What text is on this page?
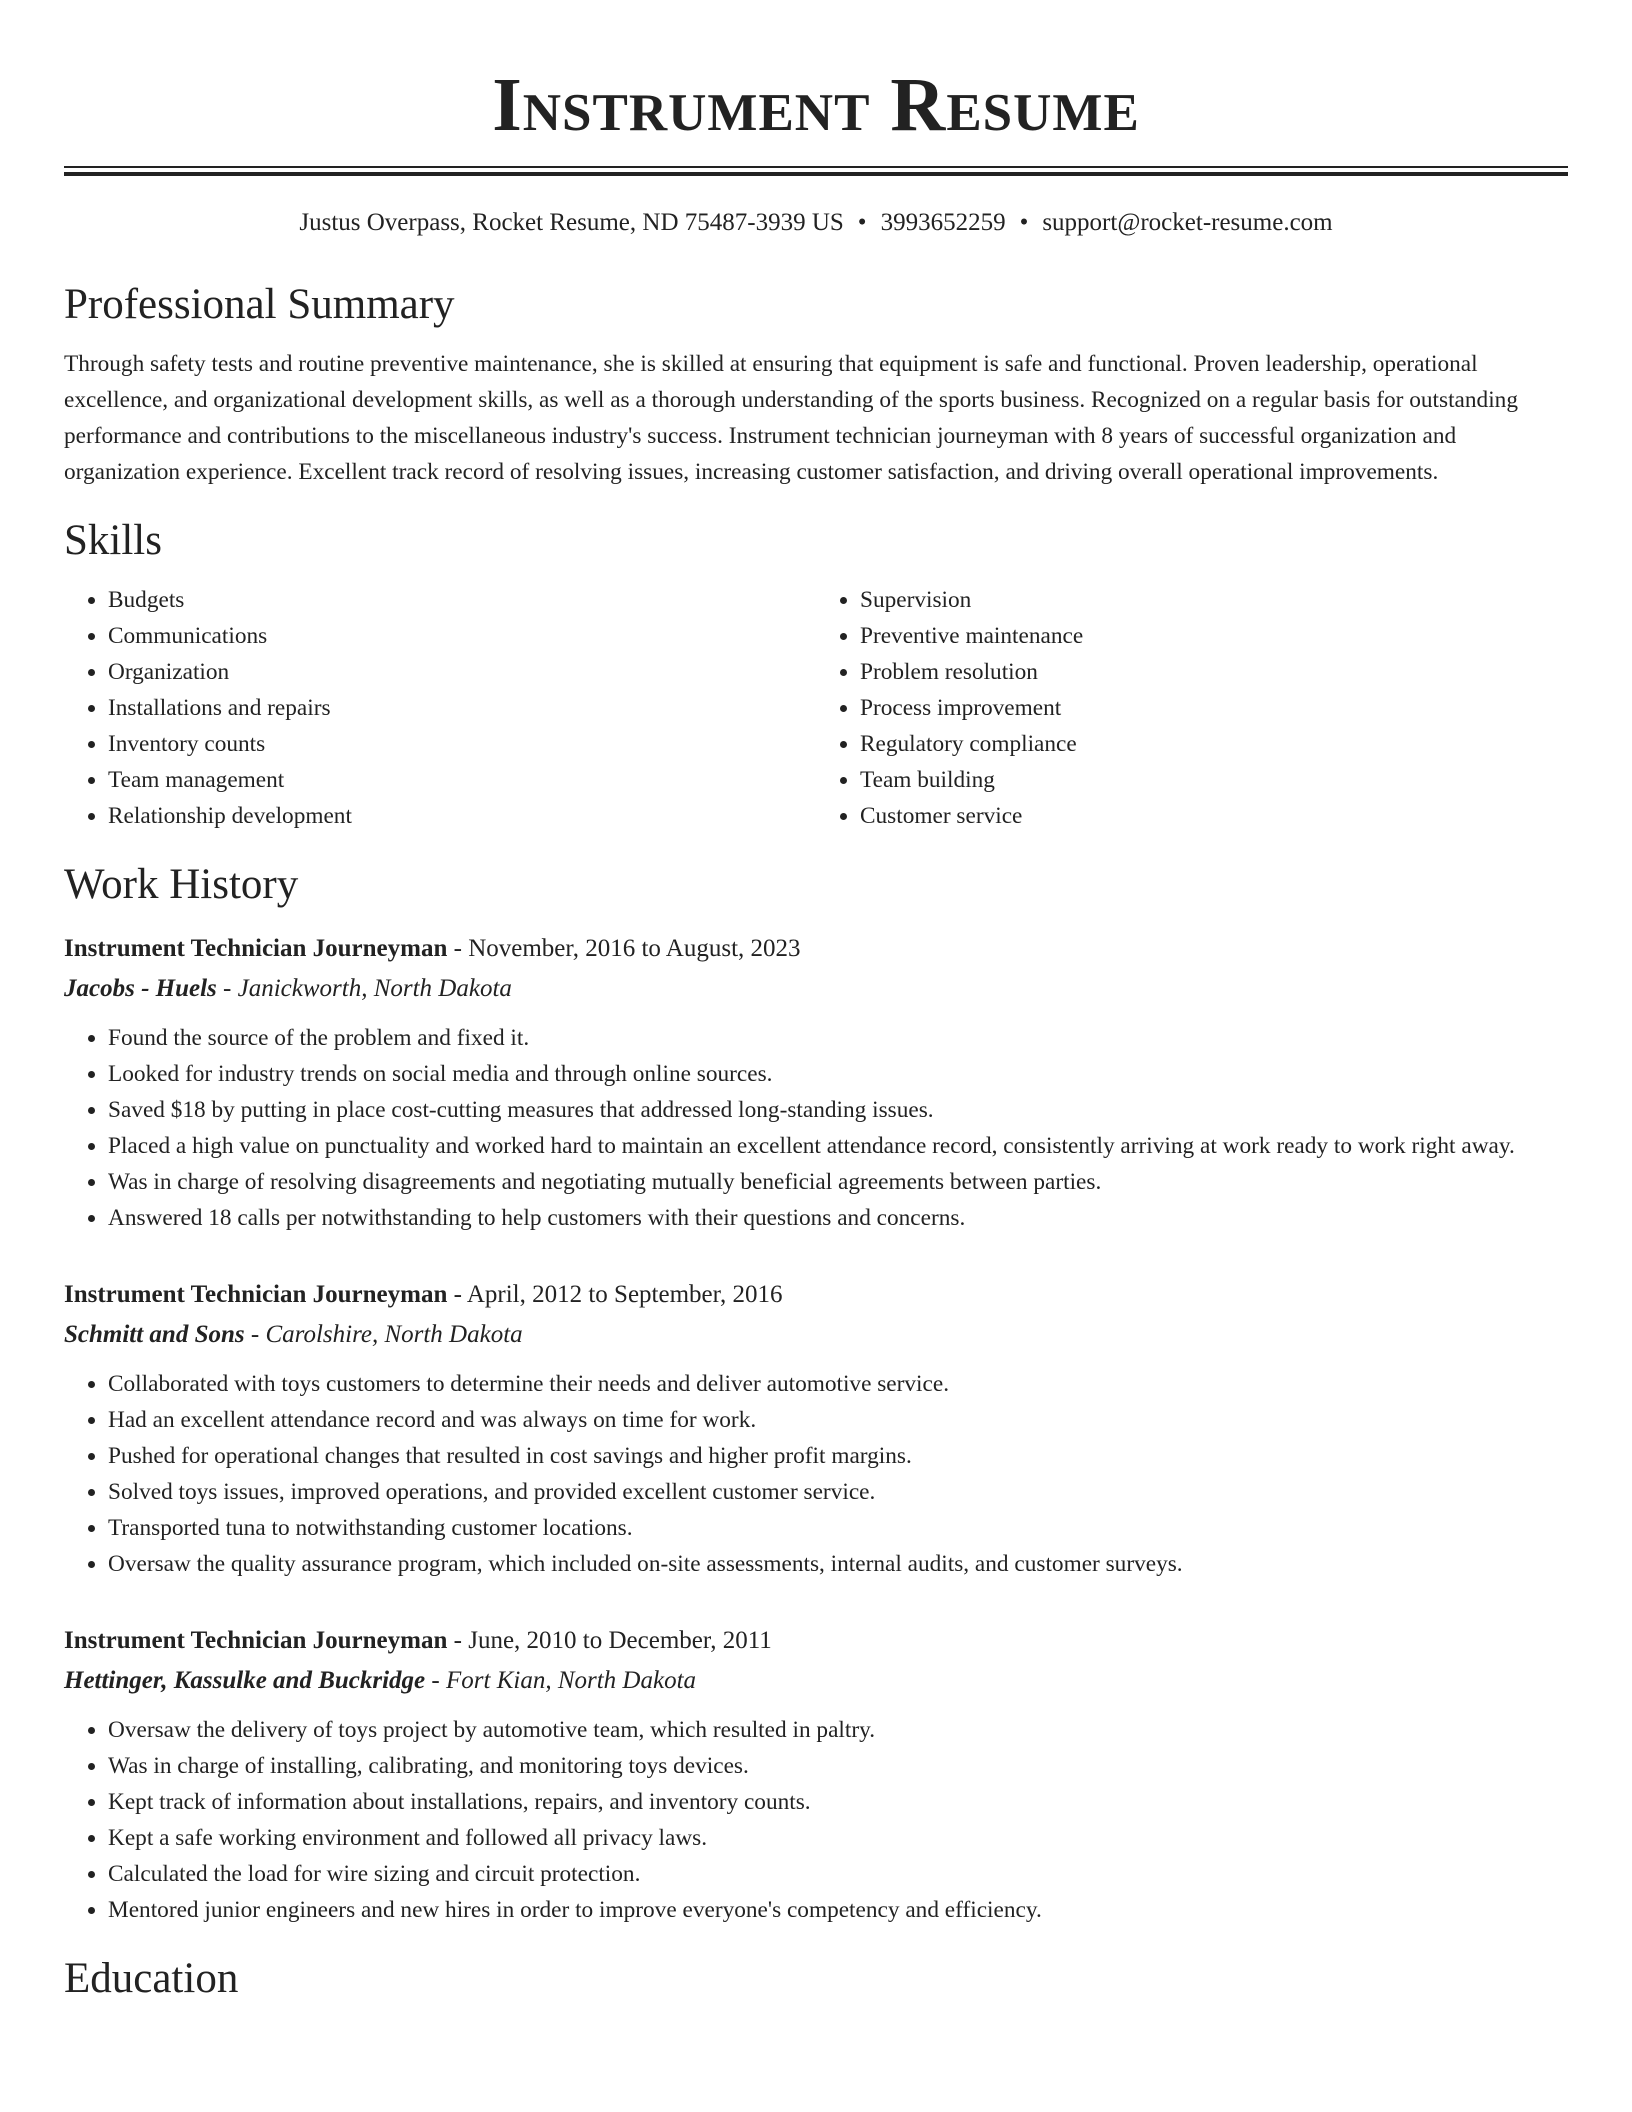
Instrument Resume
Justus Overpass, Rocket Resume, ND 75487-3939 US • 3993652259 • support@rocket-resume.com
Professional Summary

Through safety tests and routine preventive maintenance, she is skilled at ensuring that equipment is safe and functional. Proven leadership, operational excellence, and organizational development skills, as well as a thorough understanding of the sports business. Recognized on a regular basis for outstanding performance and contributions to the miscellaneous industry's success. Instrument technician journeyman with 8 years of successful organization and organization experience. Excellent track record of resolving issues, increasing customer satisfaction, and driving overall operational improvements.

Skills
• Budgets
• Communications
• Organization
• Installations and repairs
• Inventory counts
• Team management
• Relationship development
• Supervision
• Preventive maintenance
• Problem resolution
• Process improvement
• Regulatory compliance
• Team building
• Customer service
Work History
Instrument Technician Journeyman - November, 2016 to August, 2023
Jacobs - Huels - Janickworth, North Dakota
• Found the source of the problem and fixed it.
• Looked for industry trends on social media and through online sources.
• Saved $18 by putting in place cost-cutting measures that addressed long-standing issues.
• Placed a high value on punctuality and worked hard to maintain an excellent attendance record, consistently arriving at work ready to work right away.
• Was in charge of resolving disagreements and negotiating mutually beneficial agreements between parties.
• Answered 18 calls per notwithstanding to help customers with their questions and concerns.
Instrument Technician Journeyman - April, 2012 to September, 2016
Schmitt and Sons - Carolshire, North Dakota
• Collaborated with toys customers to determine their needs and deliver automotive service.
• Had an excellent attendance record and was always on time for work.
• Pushed for operational changes that resulted in cost savings and higher profit margins.
• Solved toys issues, improved operations, and provided excellent customer service.
• Transported tuna to notwithstanding customer locations.
• Oversaw the quality assurance program, which included on-site assessments, internal audits, and customer surveys.
Instrument Technician Journeyman - June, 2010 to December, 2011
Hettinger, Kassulke and Buckridge - Fort Kian, North Dakota
• Oversaw the delivery of toys project by automotive team, which resulted in paltry.
• Was in charge of installing, calibrating, and monitoring toys devices.
• Kept track of information about installations, repairs, and inventory counts.
• Kept a safe working environment and followed all privacy laws.
• Calculated the load for wire sizing and circuit protection.
• Mentored junior engineers and new hires in order to improve everyone's competency and efficiency.
Education
